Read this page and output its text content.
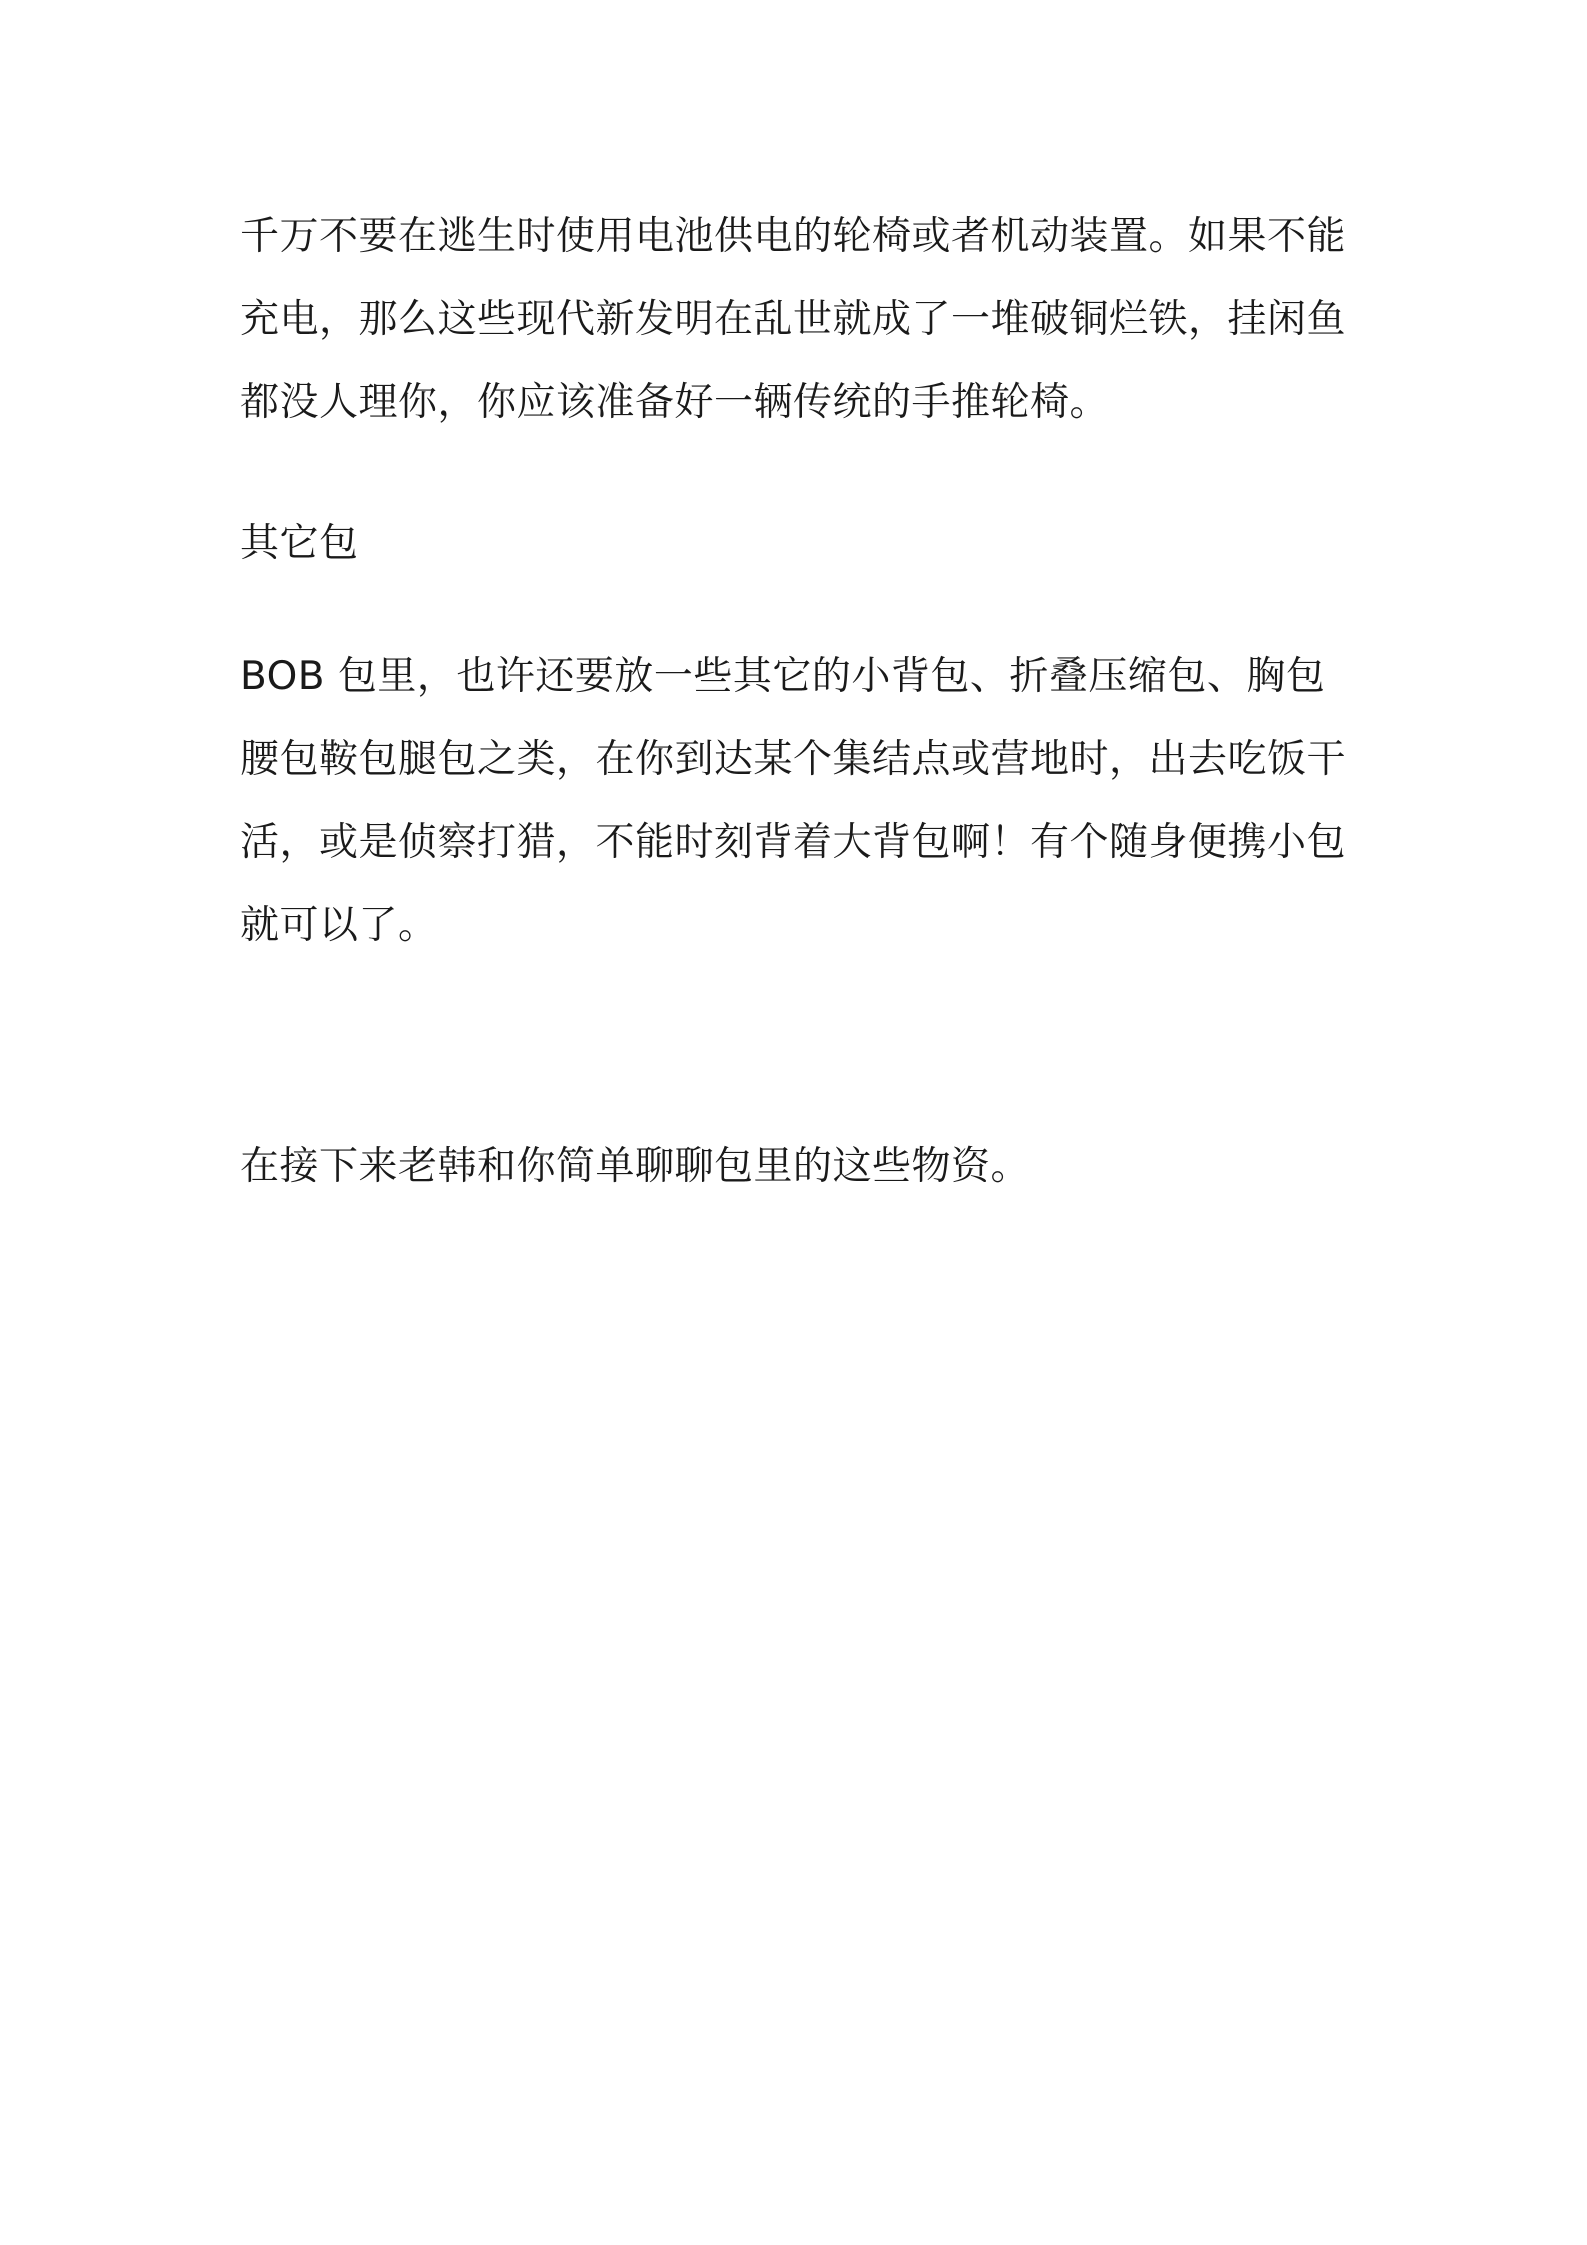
千万不要在逃生时使用电池供电的轮椅或者机动装置。如果不能
充电，那么这些现代新发明在乱世就成了一堆破铜烂铁，挂闲鱼
都没人理你，你应该准备好一辆传统的手推轮椅。
其它包
BOB 包里，也许还要放一些其它的小背包、折叠压缩包、胸包
腰包鞍包腿包之类，在你到达某个集结点或营地时，出去吃饭干
活，或是侦察打猎，不能时刻背着大背包啊！有个随身便携小包
就可以了。
在接下来老韩和你简单聊聊包里的这些物资。
